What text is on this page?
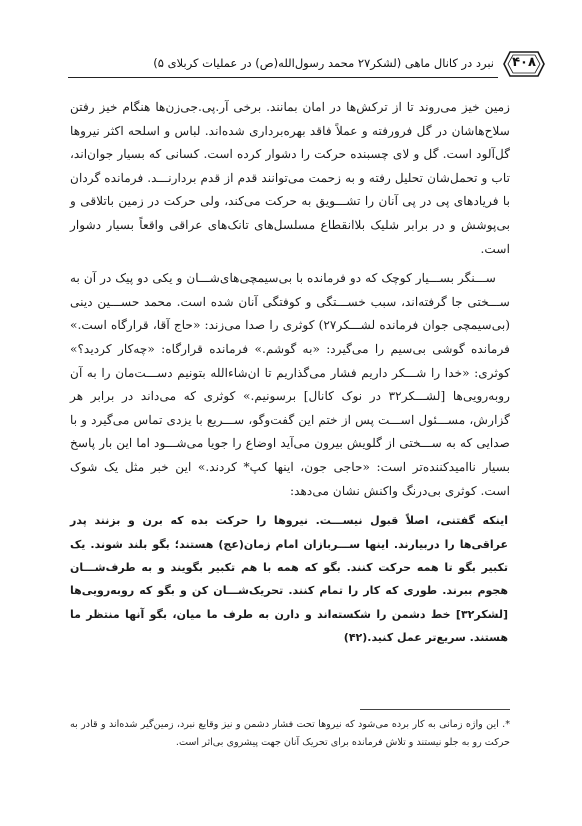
نبرد در کانال ماهی (لشکر۲۷ محمد رسول‌الله(ص) در عملیات کربلای ۵)	۴۰۸

زمین خیز می‌روند تا از ترکش‌ها در امان بمانند. برخی آر.پی.جی‌زن‌ها هنگام خیز رفتن سلاح‌هاشان در گل فرورفته و عملاً فاقد بهره‌برداری شده‌اند. لباس و اسلحه اکثر نیروها گل‌آلود است. گل و لای چسبنده حرکت را دشوار کرده است. کسانی که بسیار جوان‌اند، تاب و تحمل‌شان تحلیل رفته و به زحمت می‌توانند قدم از قدم بردارنـــد. فرمانده گردان با فریادهای پی در پی آنان را تشـــویق به حرکت می‌کند، ولی حرکت در زمین باتلاقی و بی‌پوشش و در برابر شلیک بلاانقطاع مسلسل‌های تانک‌های عراقی واقعاً بسیار دشوار است.

ســـنگر بســـیار کوچک که دو فرمانده با بی‌سیمچی‌های‌شـــان و یکی دو پیک در آن به ســـختی جا گرفته‌اند، سبب خســـتگی و کوفتگی آنان شده است. محمد حســـین دینی (بی‌سیمچی جوان فرمانده لشـــکر۲۷) کوثری را صدا می‌زند: «حاج آقا، قرارگاه است.» فرمانده گوشی بی‌سیم را می‌گیرد: «به گوشم.» فرمانده قرارگاه: «چه‌کار کردید؟» کوثری: «خدا را شـــکر داریم فشار می‌گذاریم تا ان‌شاءالله بتونیم دســـت‌مان را به آن روبه‌رویی‌ها [لشـــکر۳۲ در نوک کانال] برسونیم.» کوثری که می‌داند در برابر هر گزارش، مســـئول اســـت پس از ختم این گفت‌وگو، ســـریع با یزدی تماس می‌گیرد و با صدایی که به ســـختی از گلویش بیرون می‌آید اوضاع را جویا می‌شـــود اما این بار پاسخ بسیار ناامیدکننده‌تر است: «حاجی جون، اینها کپ* کردند.» این خبر مثل یک شوک است. کوثری بی‌درنگ واکنش نشان می‌دهد:

اینکه گفتنی، اصلاً قبول نیســـت. نیروها را حرکت بده که برن و بزنند پدر عراقی‌ها را دربیارند. اینها ســـربازان امام زمان(عج) هستند؛ بگو بلند شوند. یک تکبیر بگو تا همه حرکت کنند. بگو که همه با هم تکبیر بگویند و به طرف‌شـــان هجوم ببرند. طوری که کار را تمام کنند. تحریک‌شـــان کن و بگو که روبه‌رویی‌ها [لشکر۳۲] خط دشمن را شکسته‌اند و دارن به طرف ما میان، بگو آنها منتظر ما هستند. سریع‌تر عمل کنید.(۴۲)

*. این واژه زمانی به کار برده می‌شود که نیروها تحت فشار دشمن و نیز وقایع نبرد، زمین‌گیر شده‌اند و قادر به حرکت رو به جلو نیستند و تلاش فرمانده برای تحریک آنان جهت پیشروی بی‌اثر است.
